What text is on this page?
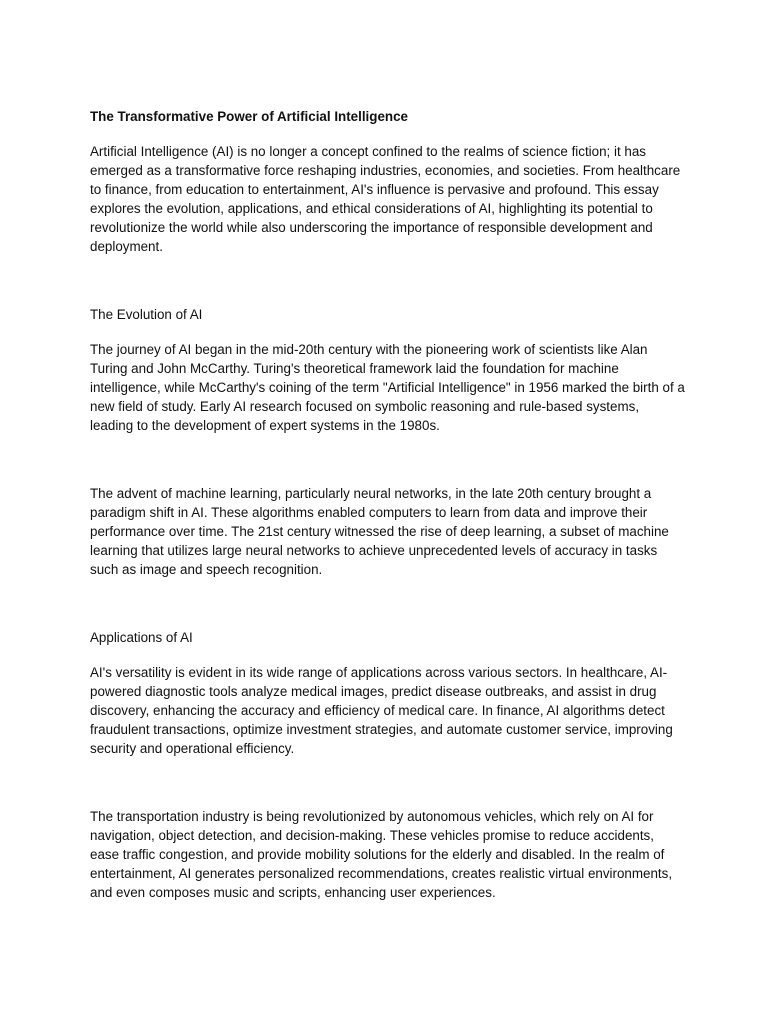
The Transformative Power of Artificial Intelligence

Artificial Intelligence (AI) is no longer a concept confined to the realms of science fiction; it has emerged as a transformative force reshaping industries, economies, and societies. From healthcare to finance, from education to entertainment, AI's influence is pervasive and profound. This essay explores the evolution, applications, and ethical considerations of AI, highlighting its potential to revolutionize the world while also underscoring the importance of responsible development and deployment.

The Evolution of AI

The journey of AI began in the mid-20th century with the pioneering work of scientists like Alan Turing and John McCarthy. Turing's theoretical framework laid the foundation for machine intelligence, while McCarthy's coining of the term "Artificial Intelligence" in 1956 marked the birth of a new field of study. Early AI research focused on symbolic reasoning and rule-based systems, leading to the development of expert systems in the 1980s.

The advent of machine learning, particularly neural networks, in the late 20th century brought a paradigm shift in AI. These algorithms enabled computers to learn from data and improve their performance over time. The 21st century witnessed the rise of deep learning, a subset of machine learning that utilizes large neural networks to achieve unprecedented levels of accuracy in tasks such as image and speech recognition.

Applications of AI

AI's versatility is evident in its wide range of applications across various sectors. In healthcare, AI-powered diagnostic tools analyze medical images, predict disease outbreaks, and assist in drug discovery, enhancing the accuracy and efficiency of medical care. In finance, AI algorithms detect fraudulent transactions, optimize investment strategies, and automate customer service, improving security and operational efficiency.

The transportation industry is being revolutionized by autonomous vehicles, which rely on AI for navigation, object detection, and decision-making. These vehicles promise to reduce accidents, ease traffic congestion, and provide mobility solutions for the elderly and disabled. In the realm of entertainment, AI generates personalized recommendations, creates realistic virtual environments, and even composes music and scripts, enhancing user experiences.
